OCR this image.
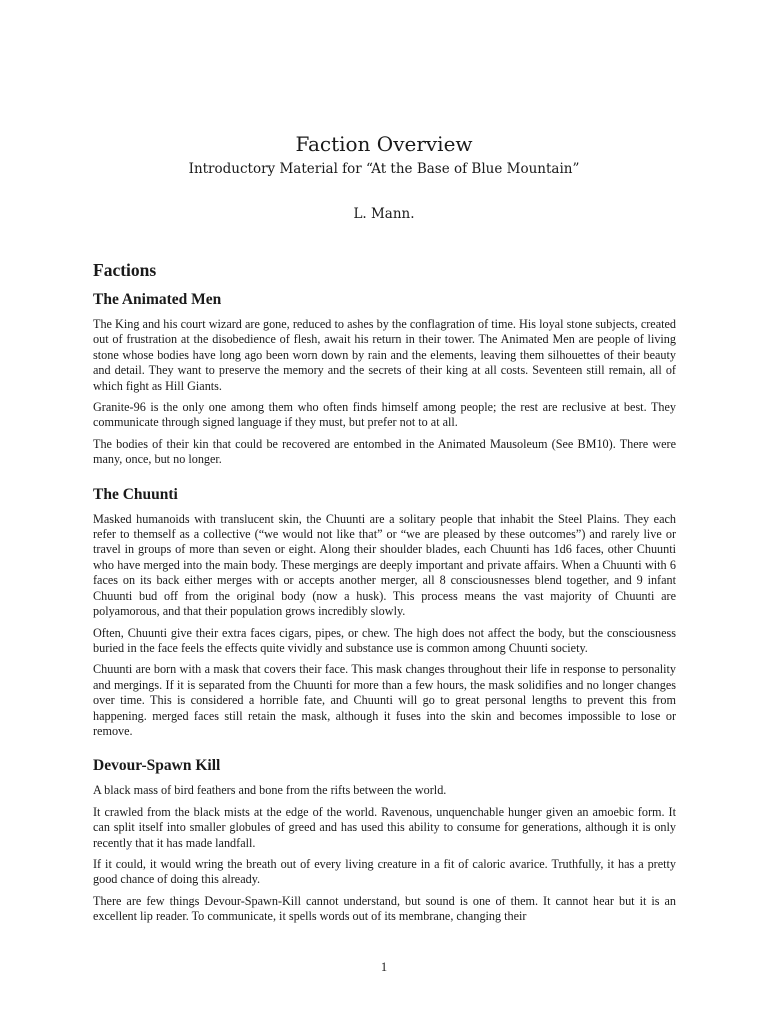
Faction Overview
Introductory Material for “At the Base of Blue Mountain”
L. Mann.
Factions
The Animated Men

The King and his court wizard are gone, reduced to ashes by the conflagration of time. His loyal stone subjects, created out of frustration at the disobedience of flesh, await his return in their tower. The Animated Men are people of living stone whose bodies have long ago been worn down by rain and the elements, leaving them silhouettes of their beauty and detail. They want to preserve the memory and the secrets of their king at all costs. Seventeen still remain, all of which fight as Hill Giants.

Granite-96 is the only one among them who often finds himself among people; the rest are reclusive at best. They communicate through signed language if they must, but prefer not to at all.

The bodies of their kin that could be recovered are entombed in the Animated Mausoleum (See BM10). There were many, once, but no longer.

The Chuunti

Masked humanoids with translucent skin, the Chuunti are a solitary people that inhabit the Steel Plains. They each refer to themself as a collective (“we would not like that” or “we are pleased by these outcomes”) and rarely live or travel in groups of more than seven or eight. Along their shoulder blades, each Chuunti has 1d6 faces, other Chuunti who have merged into the main body. These mergings are deeply important and private affairs. When a Chuunti with 6 faces on its back either merges with or accepts another merger, all 8 consciousnesses blend together, and 9 infant Chuunti bud off from the original body (now a husk). This process means the vast majority of Chuunti are polyamorous, and that their population grows incredibly slowly.

Often, Chuunti give their extra faces cigars, pipes, or chew. The high does not affect the body, but the consciousness buried in the face feels the effects quite vividly and substance use is common among Chuunti society.

Chuunti are born with a mask that covers their face. This mask changes throughout their life in response to personality and mergings. If it is separated from the Chuunti for more than a few hours, the mask solidifies and no longer changes over time. This is considered a horrible fate, and Chuunti will go to great personal lengths to prevent this from happening. merged faces still retain the mask, although it fuses into the skin and becomes impossible to lose or remove.

Devour-Spawn Kill

A black mass of bird feathers and bone from the rifts between the world.

It crawled from the black mists at the edge of the world. Ravenous, unquenchable hunger given an amoebic form. It can split itself into smaller globules of greed and has used this ability to consume for generations, although it is only recently that it has made landfall.

If it could, it would wring the breath out of every living creature in a fit of caloric avarice. Truthfully, it has a pretty good chance of doing this already.

There are few things Devour-Spawn-Kill cannot understand, but sound is one of them. It cannot hear but it is an excellent lip reader. To communicate, it spells words out of its membrane, changing their

1
